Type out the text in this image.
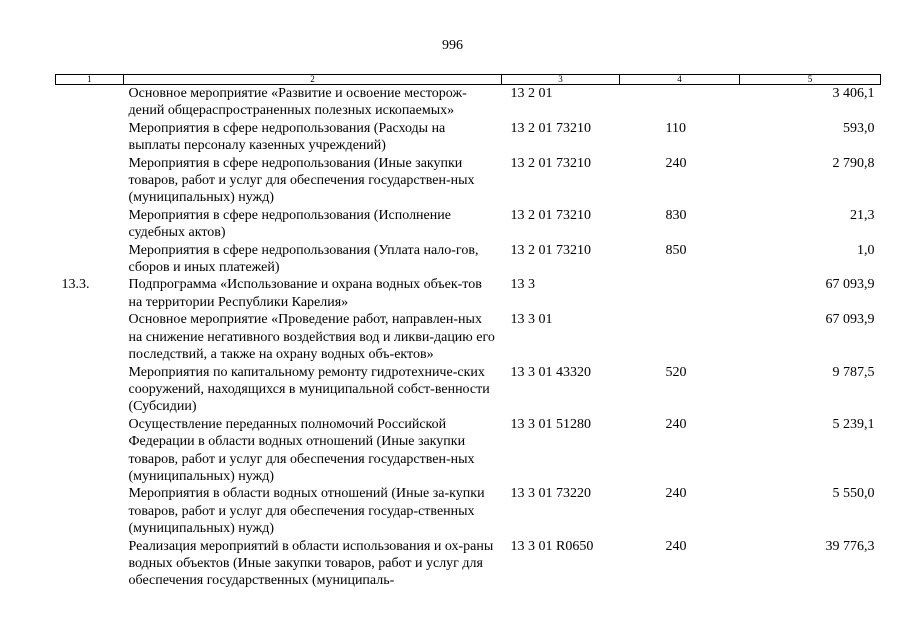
996
1	2	3	4	5
	Основное мероприятие «Развитие и освоение месторож-дений общераспространенных полезных ископаемых»	13 2 01		3 406,1
	Мероприятия в сфере недропользования (Расходы на выплаты персоналу казенных учреждений)	13 2 01 73210	110	593,0
	Мероприятия в сфере недропользования (Иные закупки товаров, работ и услуг для обеспечения государствен-ных (муниципальных) нужд)	13 2 01 73210	240	2 790,8
	Мероприятия в сфере недропользования (Исполнение судебных актов)	13 2 01 73210	830	21,3
	Мероприятия в сфере недропользования (Уплата нало-гов, сборов и иных платежей)	13 2 01 73210	850	1,0
13.3.	Подпрограмма «Использование и охрана водных объек-тов на территории Республики Карелия»	13 3		67 093,9
	Основное мероприятие «Проведение работ, направлен-ных на снижение негативного воздействия вод и ликви-дацию его последствий, а также на охрану водных объ-ектов»	13 3 01		67 093,9
	Мероприятия по капитальному ремонту гидротехниче-ских сооружений, находящихся в муниципальной собст-венности (Субсидии)	13 3 01 43320	520	9 787,5
	Осуществление переданных полномочий Российской Федерации в области водных отношений (Иные закупки товаров, работ и услуг для обеспечения государствен-ных (муниципальных) нужд)	13 3 01 51280	240	5 239,1
	Мероприятия в области водных отношений (Иные за-купки товаров, работ и услуг для обеспечения государ-ственных (муниципальных) нужд)	13 3 01 73220	240	5 550,0
	Реализация мероприятий в области использования и ох-раны водных объектов (Иные закупки товаров, работ и услуг для обеспечения государственных (муниципаль-	13 3 01 R0650	240	39 776,3
